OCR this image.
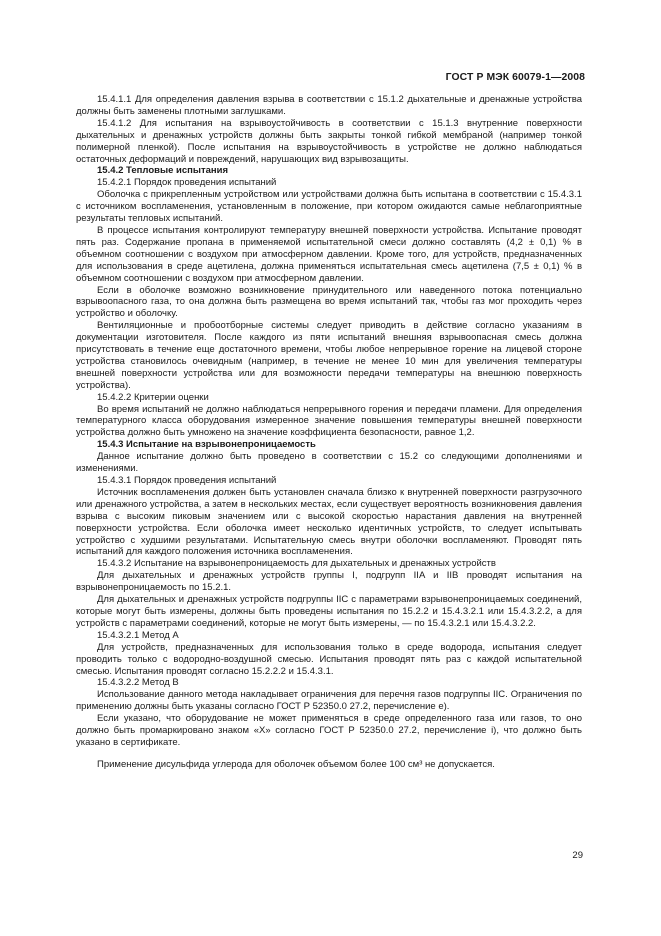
ГОСТ Р МЭК 60079-1—2008

15.4.1.1 Для определения давления взрыва в соответствии с 15.1.2 дыхательные и дренажные устройства должны быть заменены плотными заглушками.

15.4.1.2 Для испытания на взрывоустойчивость в соответствии с 15.1.3 внутренние поверхности дыхательных и дренажных устройств должны быть закрыты тонкой гибкой мембраной (например тонкой полимерной пленкой). После испытания на взрывоустойчивость в устройстве не должно наблюдаться остаточных деформаций и повреждений, нарушающих вид взрывозащиты.

15.4.2 Тепловые испытания

15.4.2.1 Порядок проведения испытаний

Оболочка с прикрепленным устройством или устройствами должна быть испытана в соответствии с 15.4.3.1 с источником воспламенения, установленным в положение, при котором ожидаются самые неблагоприятные результаты тепловых испытаний.

В процессе испытания контролируют температуру внешней поверхности устройства. Испытание проводят пять раз. Содержание пропана в применяемой испытательной смеси должно составлять (4,2 ± 0,1) % в объемном соотношении с воздухом при атмосферном давлении. Кроме того, для устройств, предназначенных для использования в среде ацетилена, должна применяться испытательная смесь ацетилена (7,5 ± 0,1) % в объемном соотношении с воздухом при атмосферном давлении.

Если в оболочке возможно возникновение принудительного или наведенного потока потенциально взрывоопасного газа, то она должна быть размещена во время испытаний так, чтобы газ мог проходить через устройство и оболочку.

Вентиляционные и пробоотборные системы следует приводить в действие согласно указаниям в документации изготовителя. После каждого из пяти испытаний внешняя взрывоопасная смесь должна присутствовать в течение еще достаточного времени, чтобы любое непрерывное горение на лицевой стороне устройства становилось очевидным (например, в течение не менее 10 мин для увеличения температуры внешней поверхности устройства или для возможности передачи температуры на внешнюю поверхность устройства).

15.4.2.2 Критерии оценки

Во время испытаний не должно наблюдаться непрерывного горения и передачи пламени. Для определения температурного класса оборудования измеренное значение повышения температуры внешней поверхности устройства должно быть умножено на значение коэффициента безопасности, равное 1,2.

15.4.3 Испытание на взрывонепроницаемость

Данное испытание должно быть проведено в соответствии с 15.2 со следующими дополнениями и изменениями.

15.4.3.1 Порядок проведения испытаний

Источник воспламенения должен быть установлен сначала близко к внутренней поверхности разгрузочного или дренажного устройства, а затем в нескольких местах, если существует вероятность возникновения давления взрыва с высоким пиковым значением или с высокой скоростью нарастания давления на внутренней поверхности устройства. Если оболочка имеет несколько идентичных устройств, то следует испытывать устройство с худшими результатами. Испытательную смесь внутри оболочки воспламеняют. Проводят пять испытаний для каждого положения источника воспламенения.

15.4.3.2 Испытание на взрывонепроницаемость для дыхательных и дренажных устройств

Для дыхательных и дренажных устройств группы I, подгрупп IIA и IIB проводят испытания на взрывонепроницаемость по 15.2.1.

Для дыхательных и дренажных устройств подгруппы IIC с параметрами взрывонепроницаемых соединений, которые могут быть измерены, должны быть проведены испытания по 15.2.2 и 15.4.3.2.1 или 15.4.3.2.2, а для устройств с параметрами соединений, которые не могут быть измерены, — по 15.4.3.2.1 или 15.4.3.2.2.

15.4.3.2.1 Метод А

Для устройств, предназначенных для использования только в среде водорода, испытания следует проводить только с водородно-воздушной смесью. Испытания проводят пять раз с каждой испытательной смесью. Испытания проводят согласно 15.2.2.2 и 15.4.3.1.

15.4.3.2.2 Метод В

Использование данного метода накладывает ограничения для перечня газов подгруппы IIC. Ограничения по применению должны быть указаны согласно ГОСТ Р 52350.0 27.2, перечисление е).

Если указано, что оборудование не может применяться в среде определенного газа или газов, то оно должно быть промаркировано знаком «X» согласно ГОСТ Р 52350.0 27.2, перечисление i), что должно быть указано в сертификате.

Применение дисульфида углерода для оболочек объемом более 100 см³ не допускается.

29
